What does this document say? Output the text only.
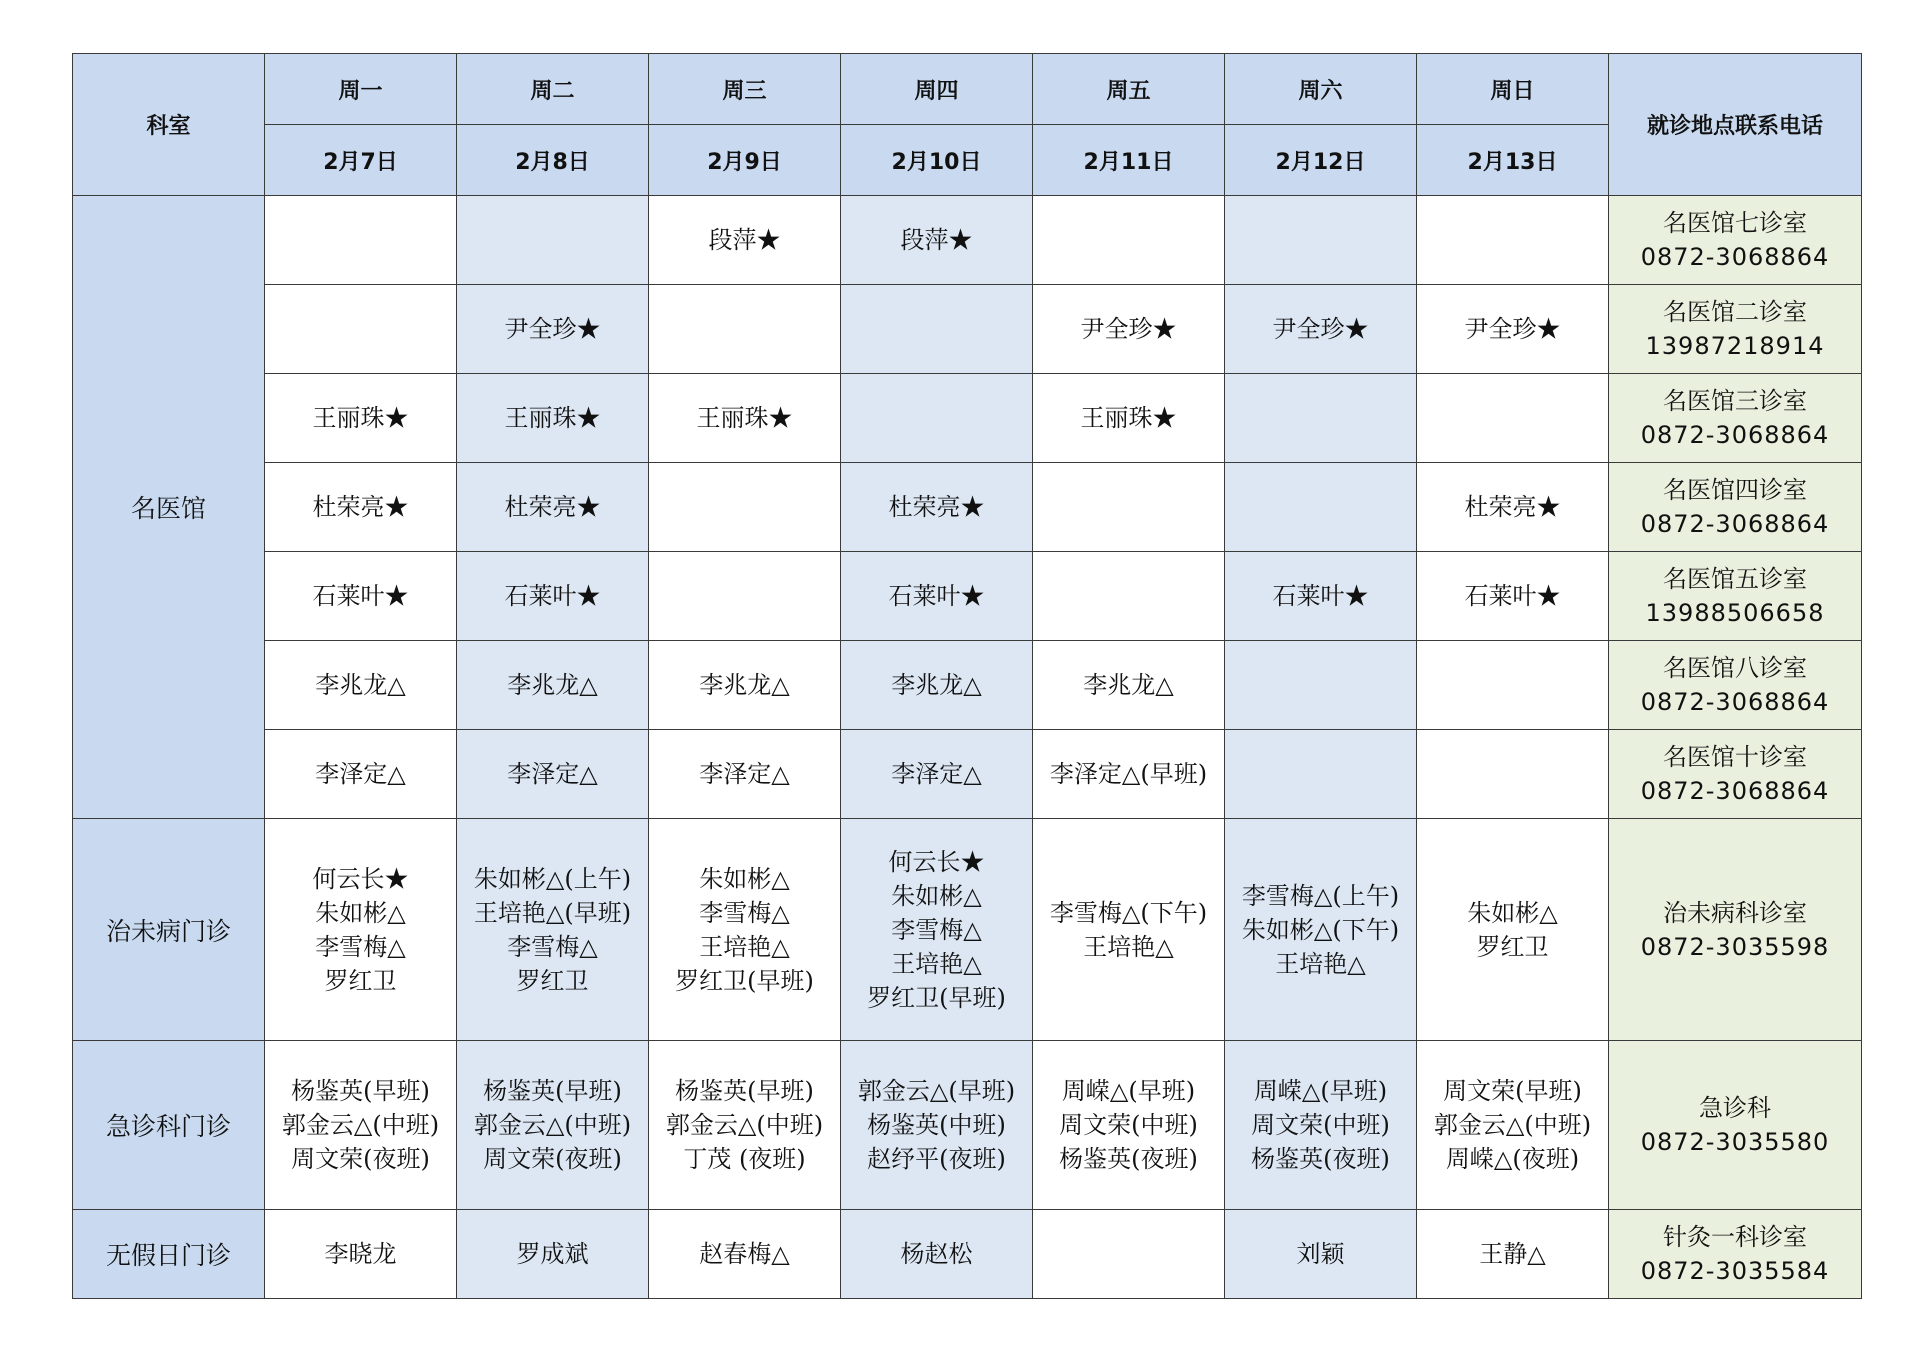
科室	周一	周二	周三	周四	周五	周六	周日	就诊地点联系电话
	2月7日	2月8日	2月9日	2月10日	2月11日	2月12日	2月13日	
名医馆			段萍★	段萍★				名医馆七诊室
0872-3068864

		尹全珍★			尹全珍★	尹全珍★	尹全珍★	名医馆二诊室
13987218914

	王丽珠★	王丽珠★	王丽珠★		王丽珠★			名医馆三诊室
0872-3068864

	杜荣亮★	杜荣亮★		杜荣亮★			杜荣亮★	名医馆四诊室
0872-3068864

	石莱叶★	石莱叶★		石莱叶★		石莱叶★	石莱叶★	名医馆五诊室
13988506658

	李兆龙△	李兆龙△	李兆龙△	李兆龙△	李兆龙△			名医馆八诊室
0872-3068864

	李泽定△	李泽定△	李泽定△	李泽定△	李泽定△(早班)			名医馆十诊室
0872-3068864

治未病门诊	何云长★
朱如彬△
李雪梅△
罗红卫	朱如彬△(上午)
王培艳△(早班)
李雪梅△
罗红卫	朱如彬△
李雪梅△
王培艳△
罗红卫(早班)	何云长★
朱如彬△
李雪梅△
王培艳△
罗红卫(早班)	李雪梅△(下午)
王培艳△	李雪梅△(上午)
朱如彬△(下午)
王培艳△	朱如彬△
罗红卫	治未病科诊室
0872-3035598

急诊科门诊	杨鉴英(早班)
郭金云△(中班)
周文荣(夜班)	杨鉴英(早班)
郭金云△(中班)
周文荣(夜班)	杨鉴英(早班)
郭金云△(中班)
丁茂 (夜班)	郭金云△(早班)
杨鉴英(中班)
赵纾平(夜班)	周嵘△(早班)
周文荣(中班)
杨鉴英(夜班)	周嵘△(早班)
周文荣(中班)
杨鉴英(夜班)	周文荣(早班)
郭金云△(中班)
周嵘△(夜班)	急诊科
0872-3035580

无假日门诊	李晓龙	罗成斌	赵春梅△	杨赵松		刘颖	王静△	针灸一科诊室
0872-3035584
